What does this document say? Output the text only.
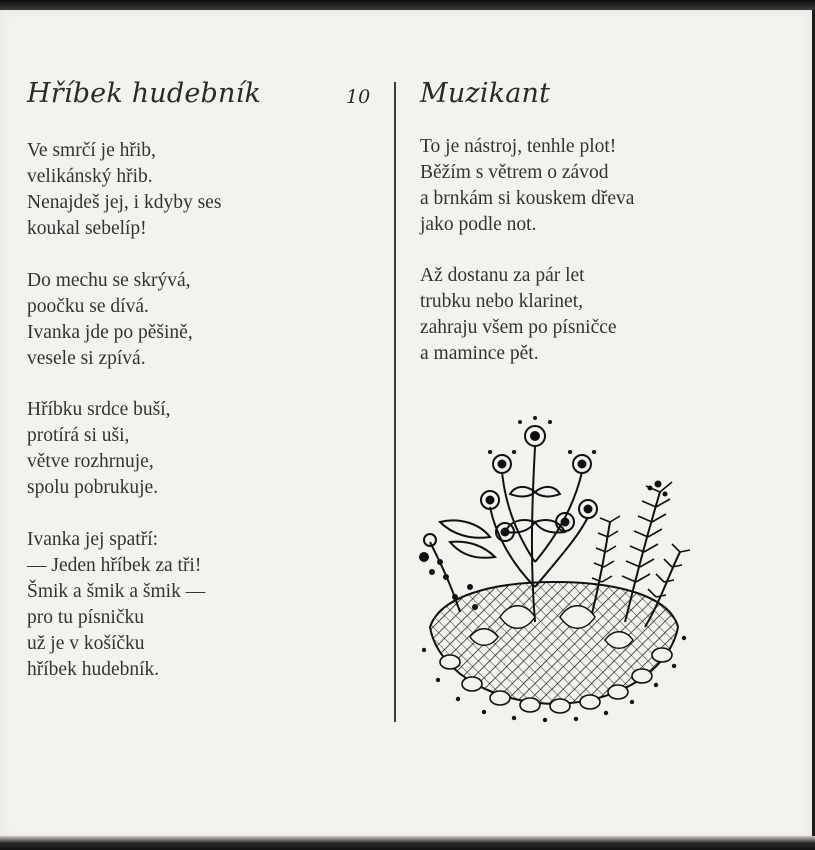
Hříbek hudebník	10
Ve smrčí je hřib,
velikánský hřib.
Nenajdeš jej, i kdyby ses
koukal sebelíp!
Do mechu se skrývá,
poočku se dívá.
Ivanka jde po pěšině,
vesele si zpívá.
Hříbku srdce buší,
protírá si uši,
větve rozhrnuje,
spolu pobrukuje.
Ivanka jej spatří:
— Jeden hříbek za tři!
Šmik a šmik a šmik —
pro tu písničku
už je v košíčku
hříbek hudebník.
Muzikant
To je nástroj, tenhle plot!
Běžím s větrem o závod
a brnkám si kouskem dřeva
jako podle not.
Až dostanu za pár let
trubku nebo klarinet,
zahraju všem po písničce
a mamince pět.
